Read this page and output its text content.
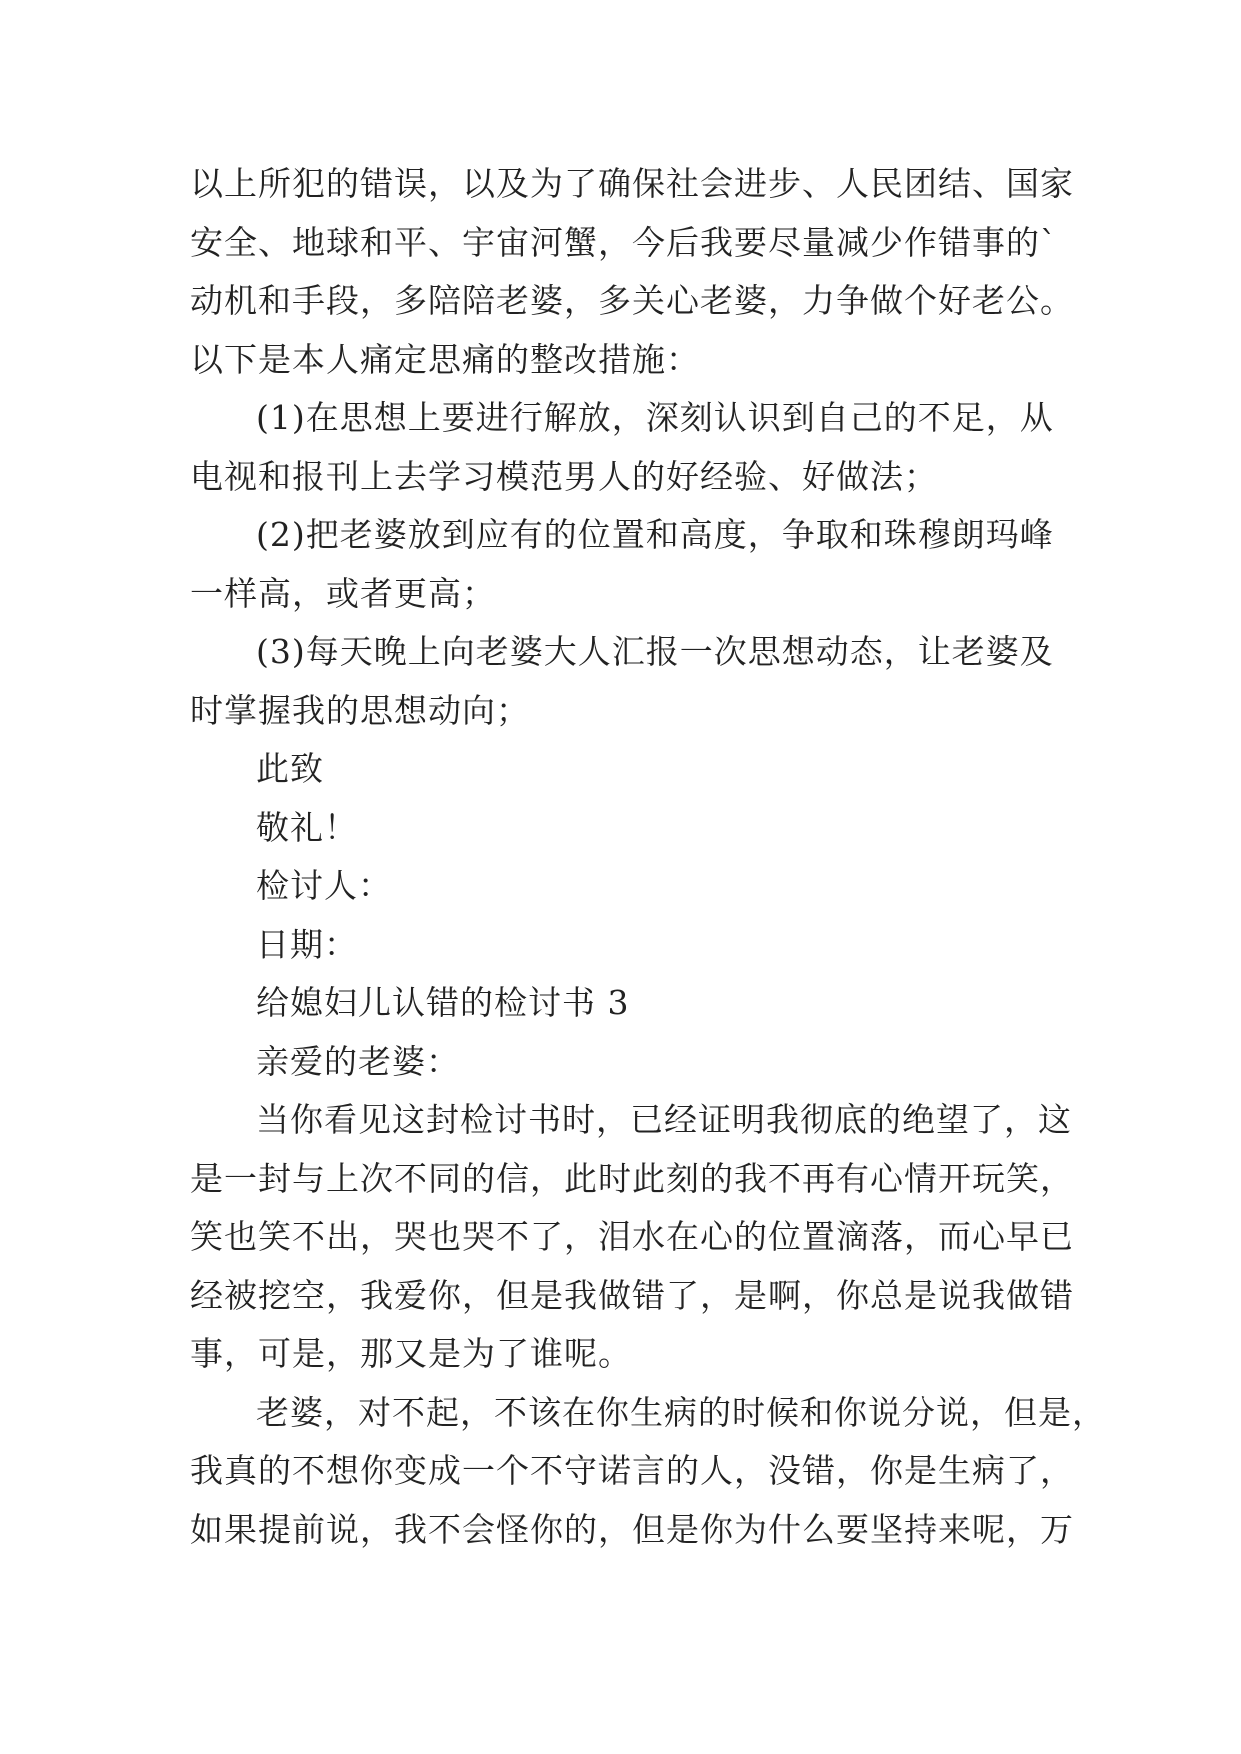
以上所犯的错误，以及为了确保社会进步、人民团结、国家

安全、地球和平、宇宙河蟹，今后我要尽量减少作错事的`

动机和手段，多陪陪老婆，多关心老婆，力争做个好老公。

以下是本人痛定思痛的整改措施：

(1)在思想上要进行解放，深刻认识到自己的不足，从

电视和报刊上去学习模范男人的好经验、好做法；

(2)把老婆放到应有的位置和高度，争取和珠穆朗玛峰

一样高，或者更高；

(3)每天晚上向老婆大人汇报一次思想动态，让老婆及

时掌握我的思想动向；

此致

敬礼！

检讨人：

日期：

给媳妇儿认错的检讨书 3

亲爱的老婆：

当你看见这封检讨书时，已经证明我彻底的绝望了，这

是一封与上次不同的信，此时此刻的我不再有心情开玩笑，

笑也笑不出，哭也哭不了，泪水在心的位置滴落，而心早已

经被挖空，我爱你，但是我做错了，是啊，你总是说我做错

事，可是，那又是为了谁呢。

老婆，对不起，不该在你生病的时候和你说分说，但是，

我真的不想你变成一个不守诺言的人，没错，你是生病了，

如果提前说，我不会怪你的，但是你为什么要坚持来呢，万
